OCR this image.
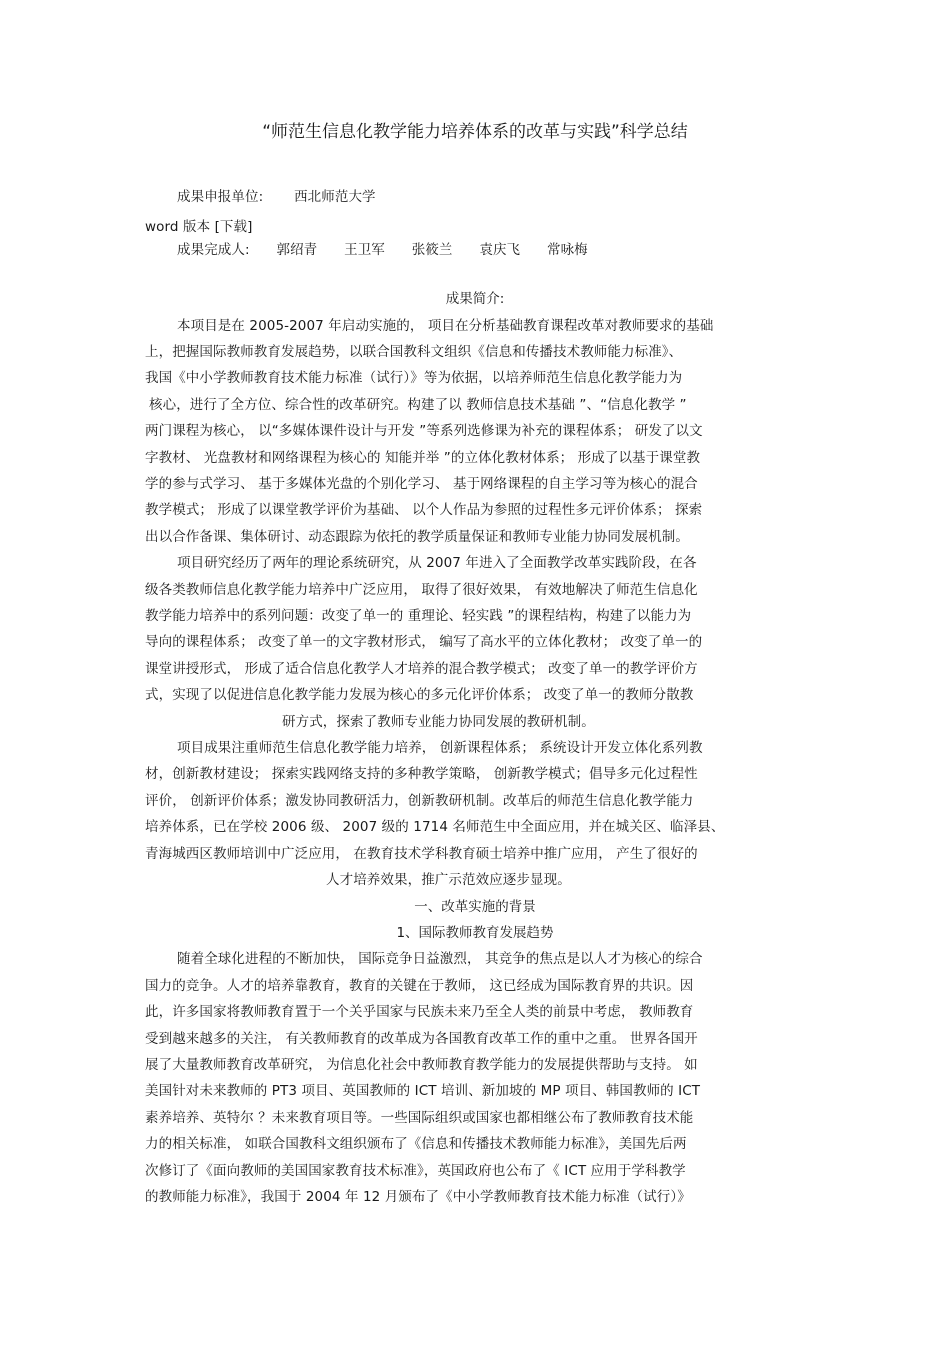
“师范生信息化教学能力培养体系的改革与实践”科学总结
成果申报单位: 西北师范大学
word 版本 [下载]
成果完成人: 郭绍青 王卫军 张筱兰 袁庆飞 常咏梅
成果简介:
本项目是在 2005-2007 年启动实施的， 项目在分析基础教育课程改革对教师要求的基础
上，把握国际教师教育发展趋势，以联合国教科文组织《信息和传播技术教师能力标准》、
我国《中小学教师教育技术能力标准（试行）》等为依据，以培养师范生信息化教学能力为
核心，进行了全方位、综合性的改革研究。构建了以 教师信息技术基础 ”、“信息化教学 ”
两门课程为核心， 以“多媒体课件设计与开发 ”等系列选修课为补充的课程体系； 研发了以文
字教材、 光盘教材和网络课程为核心的 知能并举 ”的立体化教材体系； 形成了以基于课堂教
学的参与式学习、 基于多媒体光盘的个别化学习、 基于网络课程的自主学习等为核心的混合
教学模式； 形成了以课堂教学评价为基础、 以个人作品为参照的过程性多元评价体系； 探索
出以合作备课、集体研讨、动态跟踪为依托的教学质量保证和教师专业能力协同发展机制。
项目研究经历了两年的理论系统研究，从 2007 年进入了全面教学改革实践阶段，在各
级各类教师信息化教学能力培养中广泛应用， 取得了很好效果， 有效地解决了师范生信息化
教学能力培养中的系列问题：改变了单一的 重理论、轻实践 ”的课程结构，构建了以能力为
导向的课程体系； 改变了单一的文字教材形式， 编写了高水平的立体化教材； 改变了单一的
课堂讲授形式， 形成了适合信息化教学人才培养的混合教学模式； 改变了单一的教学评价方
式，实现了以促进信息化教学能力发展为核心的多元化评价体系； 改变了单一的教师分散教
研方式，探索了教师专业能力协同发展的教研机制。
项目成果注重师范生信息化教学能力培养， 创新课程体系； 系统设计开发立体化系列教
材，创新教材建设； 探索实践网络支持的多种教学策略， 创新教学模式；倡导多元化过程性
评价， 创新评价体系；激发协同教研活力，创新教研机制。改革后的师范生信息化教学能力
培养体系，已在学校 2006 级、 2007 级的 1714 名师范生中全面应用，并在城关区、临泽县、
青海城西区教师培训中广泛应用， 在教育技术学科教育硕士培养中推广应用， 产生了很好的
人才培养效果，推广示范效应逐步显现。
一、改革实施的背景
1、国际教师教育发展趋势
随着全球化进程的不断加快， 国际竞争日益激烈， 其竞争的焦点是以人才为核心的综合
国力的竞争。人才的培养靠教育，教育的关键在于教师， 这已经成为国际教育界的共识。因
此，许多国家将教师教育置于一个关乎国家与民族未来乃至全人类的前景中考虑， 教师教育
受到越来越多的关注， 有关教师教育的改革成为各国教育改革工作的重中之重。 世界各国开
展了大量教师教育改革研究， 为信息化社会中教师教育教学能力的发展提供帮助与支持。 如
美国针对未来教师的 PT3 项目、英国教师的 ICT 培训、新加坡的 MP 项目、韩国教师的 ICT
素养培养、英特尔 ？未来教育项目等。一些国际组织或国家也都相继公布了教师教育技术能
力的相关标准， 如联合国教科文组织颁布了《信息和传播技术教师能力标准》，美国先后两
次修订了《面向教师的美国国家教育技术标准》，英国政府也公布了《 ICT 应用于学科教学
的教师能力标准》，我国于 2004 年 12 月颁布了《中小学教师教育技术能力标准（试行）》
